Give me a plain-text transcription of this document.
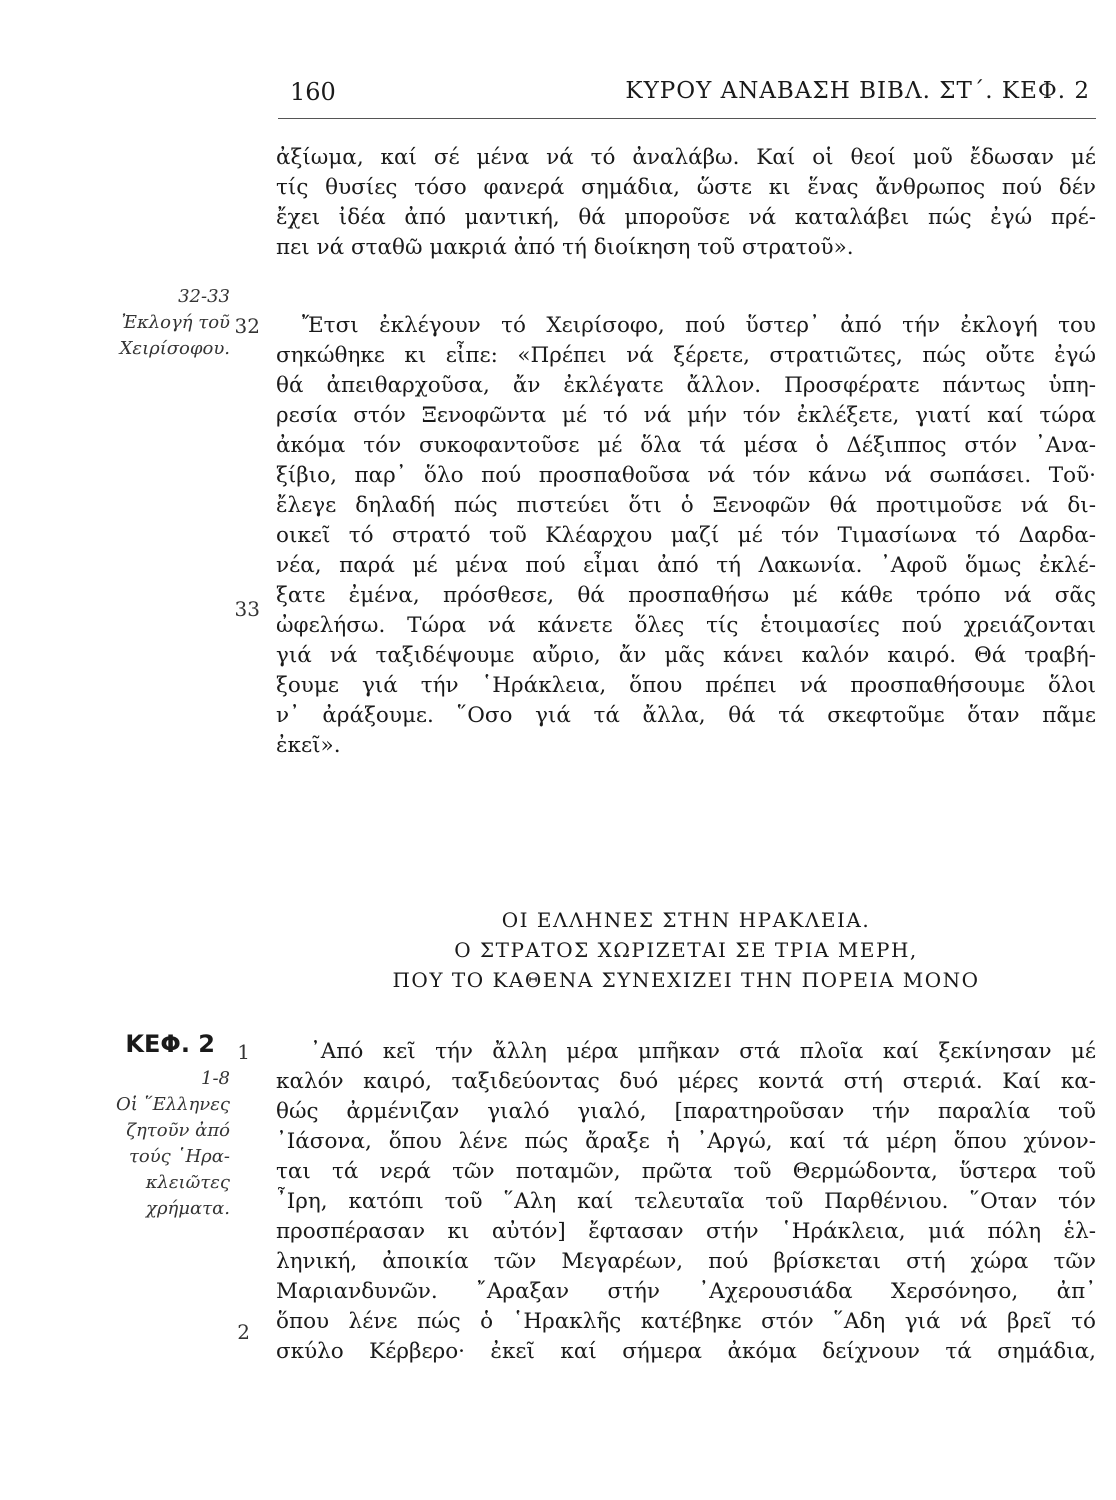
160	ΚΥΡΟΥ ΑΝΑΒΑΣΗ ΒΙΒΛ. ΣΤ΄. ΚΕΦ. 2
ἀξίωμα, καί σέ μένα νά τό ἀναλάβω. Καί οἱ θεοί μοῦ ἔδωσαν μέ
τίς θυσίες τόσο φανερά σημάδια, ὥστε κι ἕνας ἄνθρωπος πού δέν
ἔχει ἰδέα ἀπό μαντική, θά μποροῦσε νά καταλάβει πώς ἐγώ πρέ-
πει νά σταθῶ μακριά ἀπό τή διοίκηση τοῦ στρατοῦ».
32-33
Ἐκλογή τοῦ
Χειρίσοφου.
32
33
Ἔτσι ἐκλέγουν τό Χειρίσοφο, πού ὕστερ᾿ ἀπό τήν ἐκλογή του
σηκώθηκε κι εἶπε: «Πρέπει νά ξέρετε, στρατιῶτες, πώς οὔτε ἐγώ
θά ἀπειθαρχοῦσα, ἄν ἐκλέγατε ἄλλον. Προσφέρατε πάντως ὑπη-
ρεσία στόν Ξενοφῶντα μέ τό νά μήν τόν ἐκλέξετε, γιατί καί τώρα
ἀκόμα τόν συκοφαντοῦσε μέ ὅλα τά μέσα ὁ Δέξιππος στόν ᾿Ανα-
ξίβιο, παρ᾿ ὅλο πού προσπαθοῦσα νά τόν κάνω νά σωπάσει. Τοῦ·
ἔλεγε δηλαδή πώς πιστεύει ὅτι ὁ Ξενοφῶν θά προτιμοῦσε νά δι-
οικεῖ τό στρατό τοῦ Κλέαρχου μαζί μέ τόν Τιμασίωνα τό Δαρδα-
νέα, παρά μέ μένα πού εἶμαι ἀπό τή Λακωνία. ᾿Αφοῦ ὅμως ἐκλέ-
ξατε ἐμένα, πρόσθεσε, θά προσπαθήσω μέ κάθε τρόπο νά σᾶς
ὠφελήσω. Τώρα νά κάνετε ὅλες τίς ἑτοιμασίες πού χρειάζονται
γιά νά ταξιδέψουμε αὔριο, ἄν μᾶς κάνει καλόν καιρό. Θά τραβή-
ξουμε γιά τήν ῾Ηράκλεια, ὅπου πρέπει νά προσπαθήσουμε ὅλοι
ν᾿ ἀράξουμε. ῞Οσο γιά τά ἄλλα, θά τά σκεφτοῦμε ὅταν πᾶμε
ἐκεῖ».
ΟΙ ΕΛΛΗΝΕΣ ΣΤΗΝ ΗΡΑΚΛΕΙΑ.
Ο ΣΤΡΑΤΟΣ ΧΩΡΙΖΕΤΑΙ ΣΕ ΤΡΙΑ ΜΕΡΗ,
ΠΟΥ ΤΟ ΚΑΘΕΝΑ ΣΥΝΕΧΙΖΕΙ ΤΗΝ ΠΟΡΕΙΑ ΜΟΝΟ
ΚΕΦ. 2
1-8
Οἱ ῞Ελληνες
ζητοῦν ἀπό
τούς ῾Ηρα-
κλειῶτες
χρήματα.
1
2
᾿Από κεῖ τήν ἄλλη μέρα μπῆκαν στά πλοῖα καί ξεκίνησαν μέ
καλόν καιρό, ταξιδεύοντας δυό μέρες κοντά στή στεριά. Καί κα-
θώς ἀρμένιζαν γιαλό γιαλό, [παρατηροῦσαν τήν παραλία τοῦ
᾿Ιάσονα, ὅπου λένε πώς ἄραξε ἡ ᾿Αργώ, καί τά μέρη ὅπου χύνον-
ται τά νερά τῶν ποταμῶν, πρῶτα τοῦ Θερμώδοντα, ὕστερα τοῦ
῏Ιρη, κατόπι τοῦ ῞Αλη καί τελευταῖα τοῦ Παρθένιου. ῞Οταν τόν
προσπέρασαν κι αὐτόν] ἔφτασαν στήν ῾Ηράκλεια, μιά πόλη ἑλ-
ληνική, ἀποικία τῶν Μεγαρέων, πού βρίσκεται στή χώρα τῶν
Μαριανδυνῶν. ῎Αραξαν στήν ᾿Αχερουσιάδα Χερσόνησο, ἀπ᾿
ὅπου λένε πώς ὁ ῾Ηρακλῆς κατέβηκε στόν ῞Αδη γιά νά βρεῖ τό
σκύλο Κέρβερο· ἐκεῖ καί σήμερα ἀκόμα δείχνουν τά σημάδια,
